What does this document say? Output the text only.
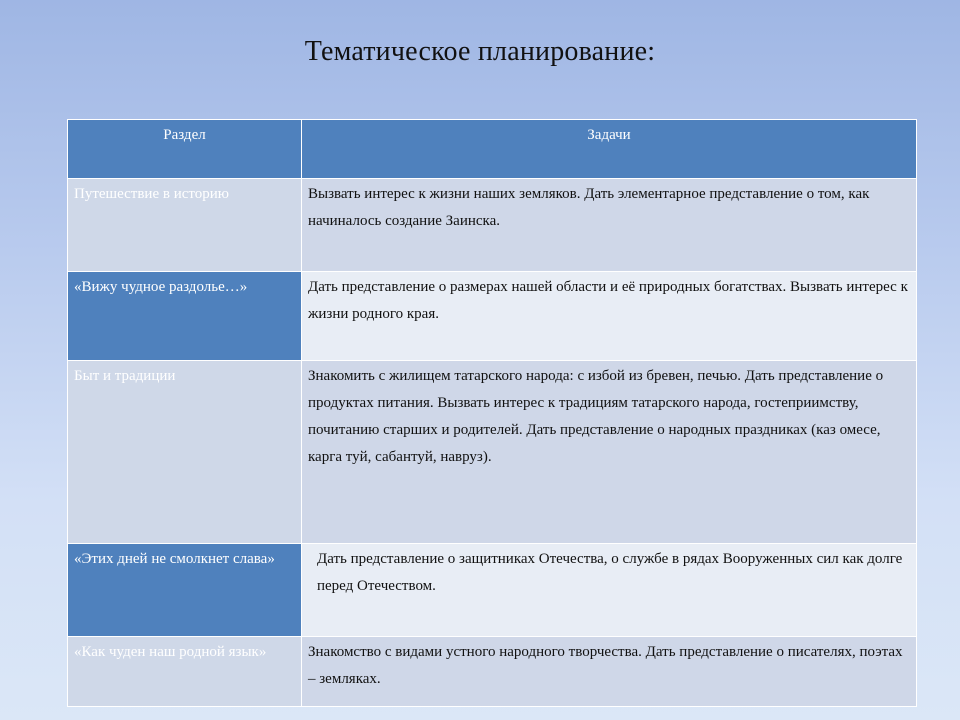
Тематическое планирование:
Раздел	Задачи
Путешествие в историю	Вызвать интерес к жизни наших земляков. Дать элементарное представление о том, как начиналось создание Заинска.
«Вижу чудное раздолье…»	Дать представление о размерах нашей области и её природных богатствах. Вызвать интерес к жизни родного края.
Быт и традиции	Знакомить с жилищем татарского народа: с избой из бревен, печью. Дать представление о продуктах питания. Вызвать интерес к традициям татарского народа, гостеприимству, почитанию старших и родителей. Дать представление о народных праздниках (каз омесе, карга туй, сабантуй, навруз).
«Этих дней не смолкнет слава»	Дать представление о защитниках Отечества, о службе в рядах Вооруженных сил как долге перед Отечеством.
«Как чуден наш родной язык»	Знакомство с видами устного народного творчества. Дать представление о писателях, поэтах – земляках.
